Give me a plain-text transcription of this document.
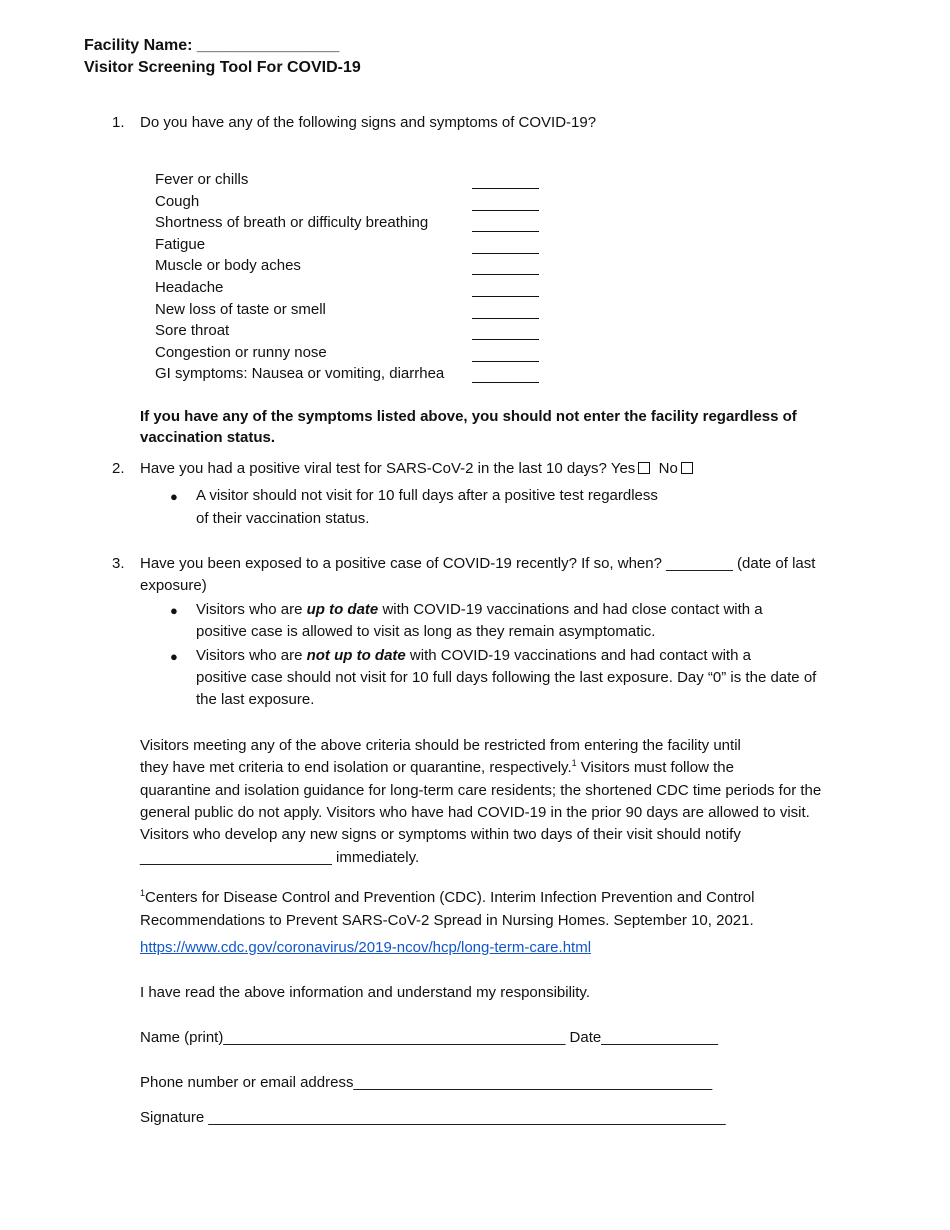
Facility Name: ________________
Visitor Screening Tool For COVID-19
1. Do you have any of the following signs and symptoms of COVID-19?
Fever or chills
Cough
Shortness of breath or difficulty breathing
Fatigue
Muscle or body aches
Headache
New loss of taste or smell
Sore throat
Congestion or runny nose
GI symptoms: Nausea or vomiting, diarrhea
If you have any of the symptoms listed above, you should not enter the facility regardless of
vaccination status.
2. Have you had a positive viral test for SARS-CoV-2 in the last 10 days? Yes No
● A visitor should not visit for 10 full days after a positive test regardless
of their vaccination status.
3. Have you been exposed to a positive case of COVID-19 recently? If so, when? ________ (date of last
exposure)
● Visitors who are up to date with COVID-19 vaccinations and had close contact with a
positive case is allowed to visit as long as they remain asymptomatic.
● Visitors who are not up to date with COVID-19 vaccinations and had contact with a
positive case should not visit for 10 full days following the last exposure. Day “0” is the date of
the last exposure.
Visitors meeting any of the above criteria should be restricted from entering the facility until
they have met criteria to end isolation or quarantine, respectively.$^1$ Visitors must follow the
quarantine and isolation guidance for long-term care residents; the shortened CDC time periods for the
general public do not apply. Visitors who have had COVID-19 in the prior 90 days are allowed to visit.
Visitors who develop any new signs or symptoms within two days of their visit should notify
_______________________ immediately.
$^1$Centers for Disease Control and Prevention (CDC). Interim Infection Prevention and Control
Recommendations to Prevent SARS-CoV-2 Spread in Nursing Homes. September 10, 2021.
https://www.cdc.gov/coronavirus/2019-ncov/hcp/long-term-care.html
I have read the above information and understand my responsibility.
Name (print)_________________________________________ Date______________
Phone number or email address___________________________________________
Signature ______________________________________________________________
